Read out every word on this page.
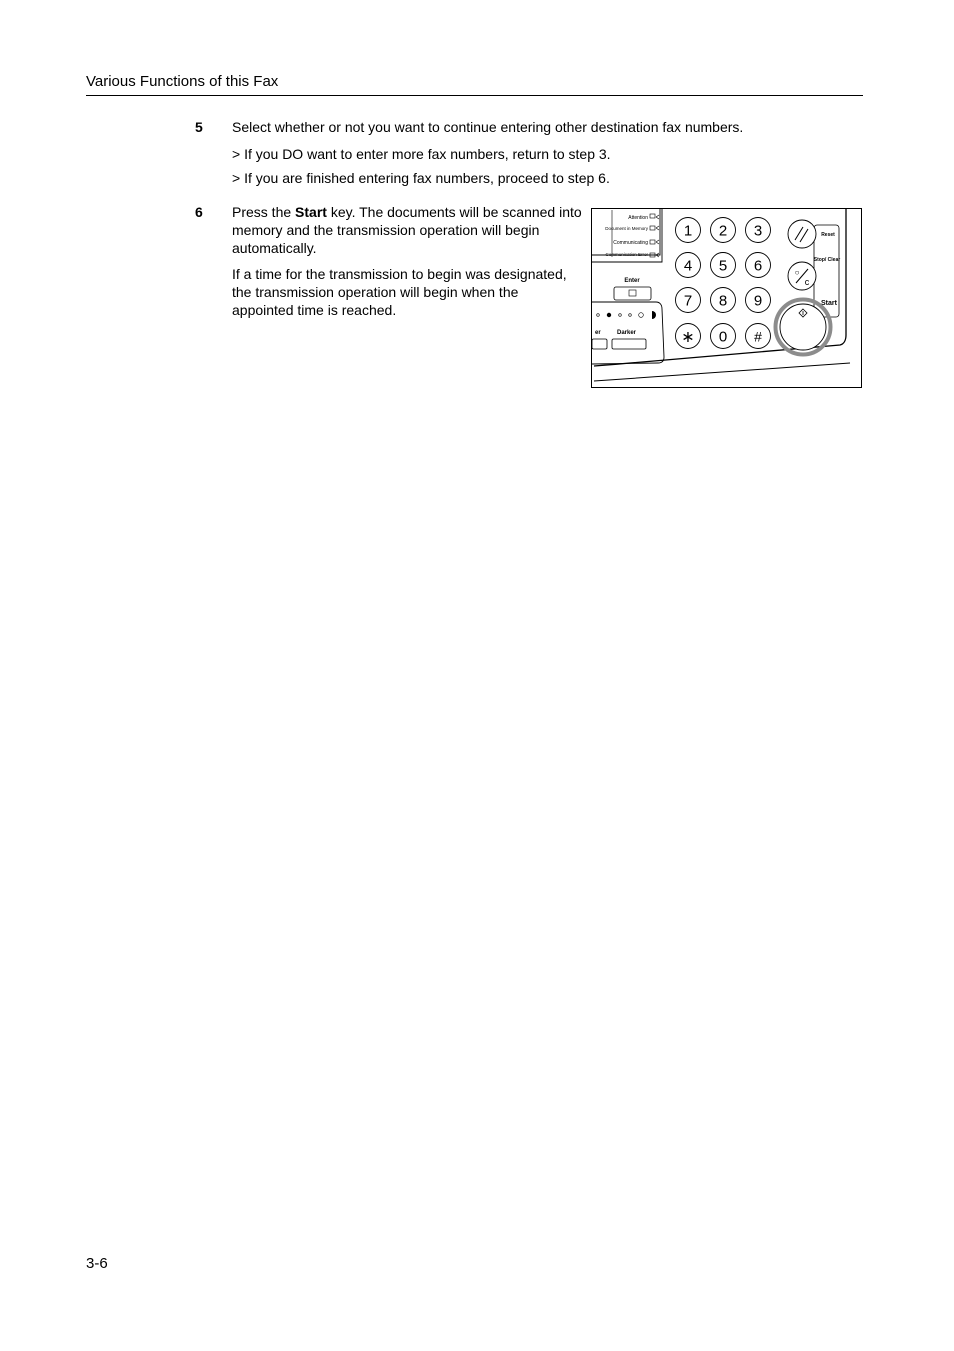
Various Functions of this Fax
5 Select whether or not you want to continue entering other destination fax numbers.
> If you DO want to enter more fax numbers, return to step 3.
> If you are finished entering fax numbers, proceed to step 6.
6 Press the Start key. The documents will be scanned into memory and the transmission operation will begin automatically.
If a time for the transmission to begin was designated, the transmission operation will begin when the appointed time is reached.
Attention
Document in Memory
Communicating
Communication Error
Enter
er	Darker
1 2 3
4 5 6
7 8 9
∗ 0 #
Reset
Stop/ Clear
Start
○
c
3-6
